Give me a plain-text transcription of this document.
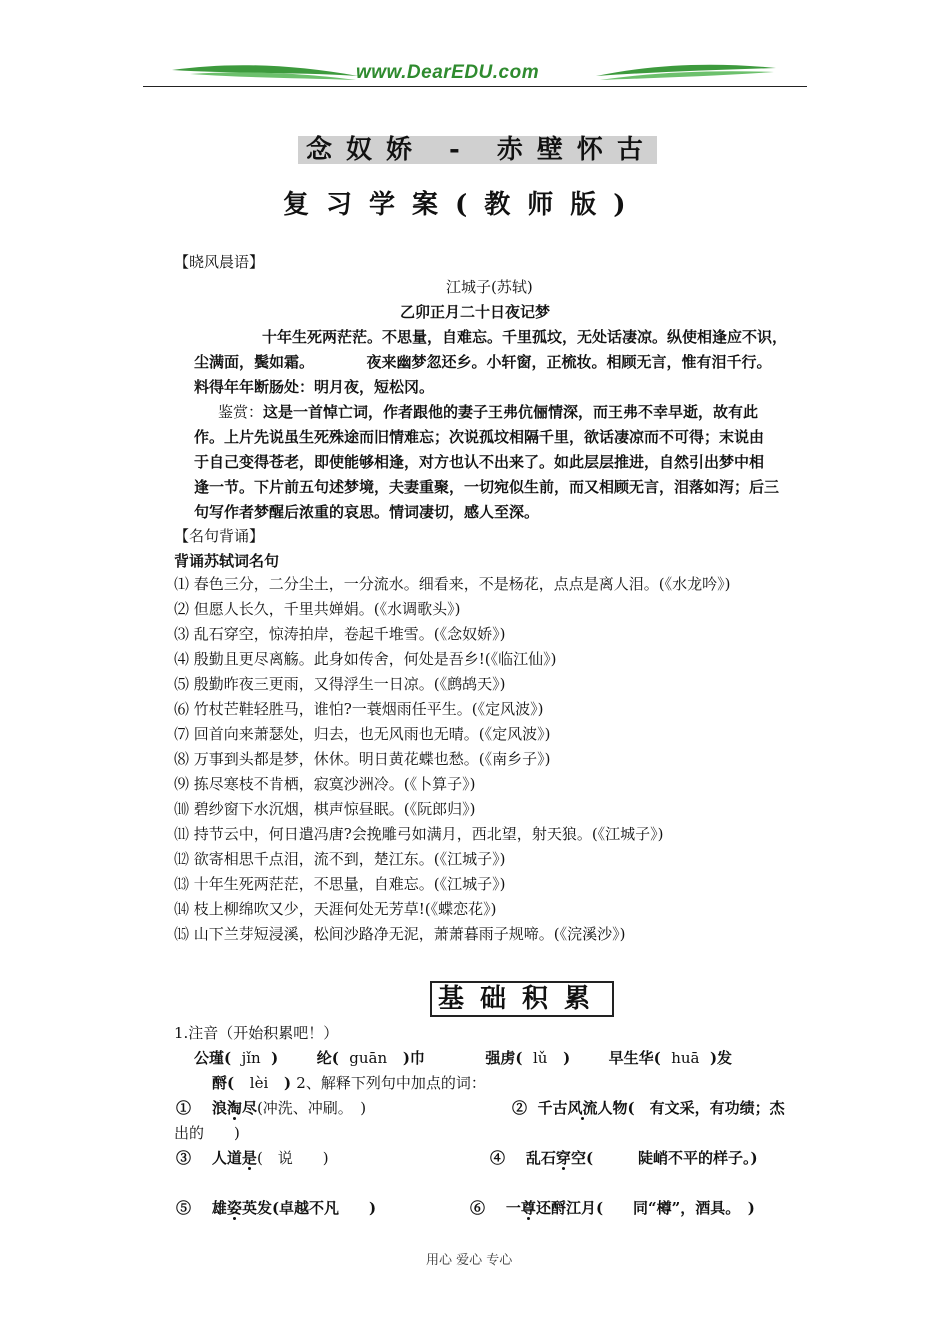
www.DearEDU.com
念奴娇 - 赤壁怀古
复习学案(教师版)
【晓风晨语】
江城子(苏轼)
乙卯正月二十日夜记梦
十年生死两茫茫。不思量，自难忘。千里孤坟，无处话凄凉。纵使相逢应不识，
尘满面，鬓如霜。　　　　夜来幽梦忽还乡。小轩窗，正梳妆。相顾无言，惟有泪千行。
料得年年断肠处：明月夜，短松冈。
鉴赏：这是一首悼亡词，作者跟他的妻子王弗伉俪情深，而王弗不幸早逝，故有此
作。上片先说虽生死殊途而旧情难忘；次说孤坟相隔千里，欲话凄凉而不可得；末说由
于自己变得苍老，即使能够相逢，对方也认不出来了。如此层层推进，自然引出梦中相
逢一节。下片前五句述梦境，夫妻重聚，一切宛似生前，而又相顾无言，泪落如泻；后三
句写作者梦醒后浓重的哀思。情词凄切，感人至深。
【名句背诵】
背诵苏轼词名句
⑴ 春色三分，二分尘土，一分流水。细看来，不是杨花，点点是离人泪。(《水龙吟》)
⑵ 但愿人长久，千里共婵娟。(《水调歌头》)
⑶ 乱石穿空，惊涛拍岸，卷起千堆雪。(《念奴娇》)
⑷ 殷勤且更尽离觞。此身如传舍，何处是吾乡!(《临江仙》)
⑸ 殷勤昨夜三更雨，又得浮生一日凉。(《鹧鸪天》)
⑹ 竹杖芒鞋轻胜马，谁怕?一蓑烟雨任平生。(《定风波》)
⑺ 回首向来萧瑟处，归去，也无风雨也无晴。(《定风波》)
⑻ 万事到头都是梦，休休。明日黄花蝶也愁。(《南乡子》)
⑼ 拣尽寒枝不肯栖，寂寞沙洲冷。(《卜算子》)
⑽ 碧纱窗下水沉烟，棋声惊昼眠。(《阮郎归》)
⑾ 持节云中，何日遣冯唐?会挽雕弓如满月，西北望，射天狼。(《江城子》)
⑿ 欲寄相思千点泪，流不到，楚江东。(《江城子》)
⒀ 十年生死两茫茫，不思量，自难忘。(《江城子》)
⒁ 枝上柳绵吹又少，天涯何处无芳草!(《蝶恋花》)
⒂ 山下兰芽短浸溪，松间沙路净无泥，萧萧暮雨子规啼。(《浣溪沙》)
基础积累
1.注音（开始积累吧！）
公瑾( jǐn )	纶( guān )巾	强虏( lǔ )	早生华( huā )发
酹( lèi ) 2、解释下列句中加点的词：
① 浪淘尽(冲洗、冲刷。　)	② 千古风流人物(　有文采，有功绩；杰
出的　　)
③ 人道是(　说　　)	④ 乱石穿空(　　　陡峭不平的样子。)
⑤ 雄姿英发(卓越不凡　　)	⑥ 一尊还酹江月(　　同“樽”，酒具。　)
用心 爱心 专心
